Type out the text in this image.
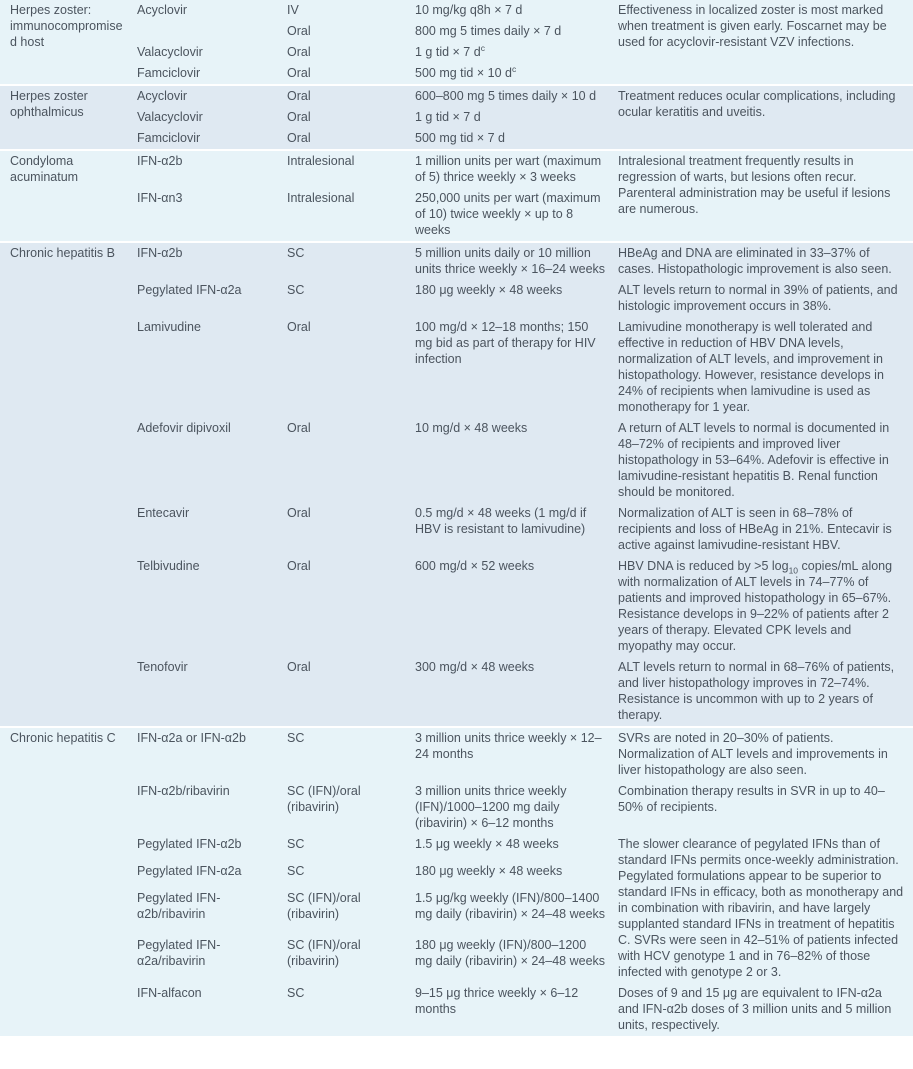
Herpes zoster: immunocompromised host	Acyclovir	IV	10 mg/kg q8h × 7 d	Effectiveness in localized zoster is most marked when treatment is given early. Foscarnet may be used for acyclovir-resistant VZV infections.
		Oral	800 mg 5 times daily × 7 d	
	Valacyclovir	Oral	1 g tid × 7 $d^c$
	Famciclovir	Oral	500 mg tid × 10 $d^c$
Herpes zoster ophthalmicus	Acyclovir	Oral	600–800 mg 5 times daily × 10 d	Treatment reduces ocular complications, including ocular keratitis and uveitis.
	Valacyclovir	Oral	1 g tid × 7 d	
	Famciclovir	Oral	500 mg tid × 7 d	
Condyloma acuminatum	IFN-α2b	Intralesional	1 million units per wart (maximum of 5) thrice weekly × 3 weeks	Intralesional treatment frequently results in regression of warts, but lesions often recur. Parenteral administration may be useful if lesions are numerous.
	IFN-αn3	Intralesional	250,000 units per wart (maximum of 10) twice weekly × up to 8 weeks	
Chronic hepatitis B	IFN-α2b	SC	5 million units daily or 10 million units thrice weekly × 16–24 weeks	HBeAg and DNA are eliminated in 33–37% of cases. Histopathologic improvement is also seen.
	Pegylated IFN-α2a	SC	180 μg weekly × 48 weeks	ALT levels return to normal in 39% of patients, and histologic improvement occurs in 38%.
	Lamivudine	Oral	100 mg/d × 12–18 months; 150 mg bid as part of therapy for HIV infection	Lamivudine monotherapy is well tolerated and effective in reduction of HBV DNA levels, normalization of ALT levels, and improvement in histopathology. However, resistance develops in 24% of recipients when lamivudine is used as monotherapy for 1 year.
	Adefovir dipivoxil	Oral	10 mg/d × 48 weeks	A return of ALT levels to normal is documented in 48–72% of recipients and improved liver histopathology in 53–64%. Adefovir is effective in lamivudine-resistant hepatitis B. Renal function should be monitored.
	Entecavir	Oral	0.5 mg/d × 48 weeks (1 mg/d if HBV is resistant to lamivudine)	Normalization of ALT is seen in 68–78% of recipients and loss of HBeAg in 21%. Entecavir is active against lamivudine-resistant HBV.
	Telbivudine	Oral	600 mg/d × 52 weeks	HBV DNA is reduced by >5 $\log_{10}$ copies/mL along with normalization of ALT levels in 74–77% of patients and improved histopathology in 65–67%. Resistance develops in 9–22% of patients after 2 years of therapy. Elevated CPK levels and myopathy may occur.
	Tenofovir	Oral	300 mg/d × 48 weeks	ALT levels return to normal in 68–76% of patients, and liver histopathology improves in 72–74%. Resistance is uncommon with up to 2 years of therapy.
Chronic hepatitis C	IFN-α2a or IFN-α2b	SC	3 million units thrice weekly × 12–24 months	SVRs are noted in 20–30% of patients. Normalization of ALT levels and improvements in liver histopathology are also seen.
	IFN-α2b/ribavirin	SC (IFN)/oral (ribavirin)	3 million units thrice weekly (IFN)/1000–1200 mg daily (ribavirin) × 6–12 months	Combination therapy results in SVR in up to 40–50% of recipients.
	Pegylated IFN-α2b	SC	1.5 μg weekly × 48 weeks	The slower clearance of pegylated IFNs than of standard IFNs permits once-weekly administration. Pegylated formulations appear to be superior to standard IFNs in efficacy, both as monotherapy and in combination with ribavirin, and have largely supplanted standard IFNs in treatment of hepatitis C. SVRs were seen in 42–51% of patients infected with HCV genotype 1 and in 76–82% of those infected with genotype 2 or 3.
	Pegylated IFN-α2a	SC	180 μg weekly × 48 weeks	
	Pegylated IFN-α2b/ribavirin	SC (IFN)/oral (ribavirin)	1.5 μg/kg weekly (IFN)/800–1400 mg daily (ribavirin) × 24–48 weeks	
	Pegylated IFN-α2a/ribavirin	SC (IFN)/oral (ribavirin)	180 μg weekly (IFN)/800–1200 mg daily (ribavirin) × 24–48 weeks	
	IFN-alfacon	SC	9–15 μg thrice weekly × 6–12 months	Doses of 9 and 15 μg are equivalent to IFN-α2a and IFN-α2b doses of 3 million units and 5 million units, respectively.
